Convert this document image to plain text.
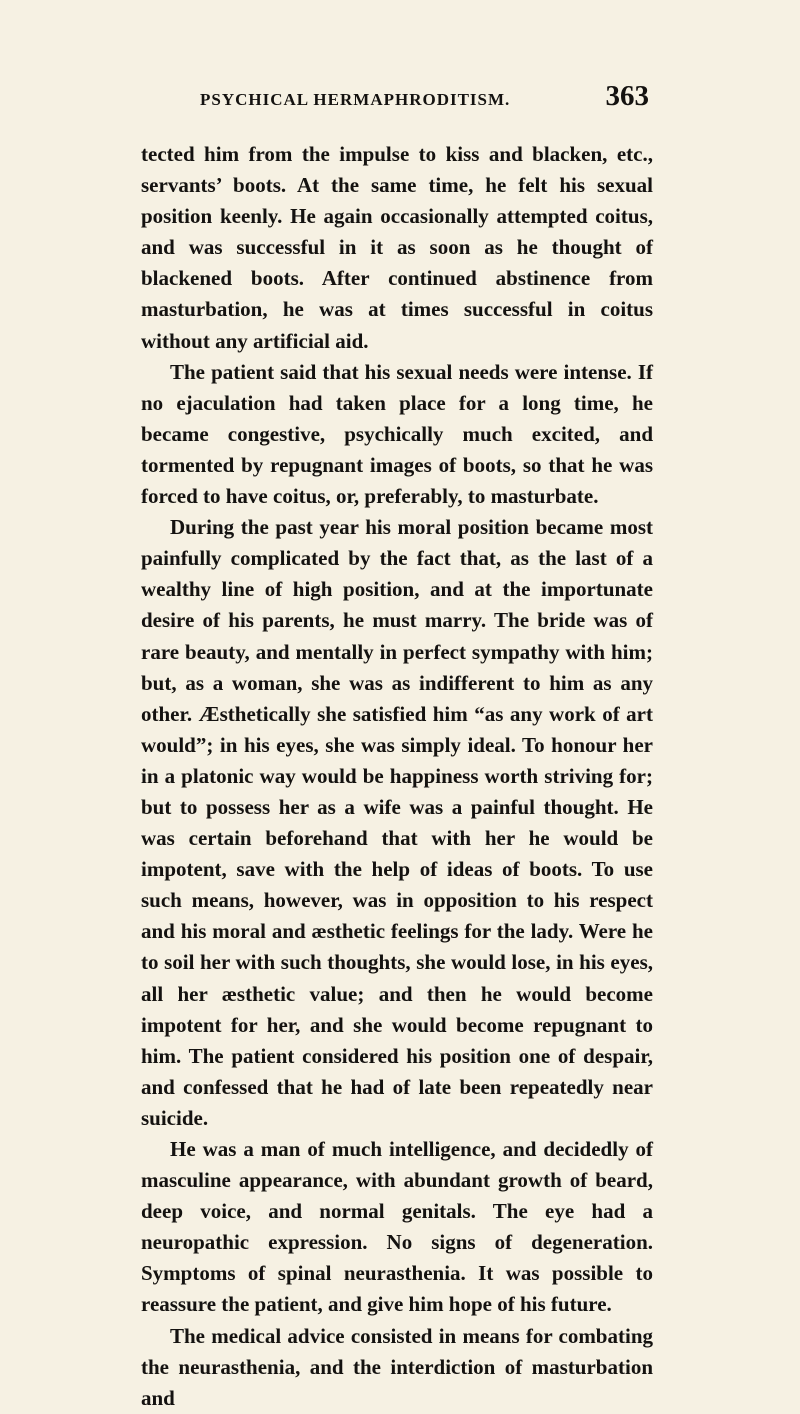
PSYCHICAL HERMAPHRODITISM.	363

tected him from the impulse to kiss and blacken, etc., servants’ boots. At the same time, he felt his sexual position keenly. He again occasionally attempted coitus, and was successful in it as soon as he thought of blackened boots. After continued abstinence from masturbation, he was at times successful in coitus without any artificial aid.

The patient said that his sexual needs were intense. If no ejaculation had taken place for a long time, he became congestive, psychically much excited, and tormented by repugnant images of boots, so that he was forced to have coitus, or, preferably, to masturbate.

During the past year his moral position became most painfully complicated by the fact that, as the last of a wealthy line of high position, and at the importunate desire of his parents, he must marry. The bride was of rare beauty, and mentally in perfect sympathy with him; but, as a woman, she was as indifferent to him as any other. Æsthetically she satisfied him “as any work of art would”; in his eyes, she was simply ideal. To honour her in a platonic way would be happiness worth striving for; but to possess her as a wife was a painful thought. He was certain beforehand that with her he would be impotent, save with the help of ideas of boots. To use such means, however, was in opposition to his respect and his moral and æsthetic feelings for the lady. Were he to soil her with such thoughts, she would lose, in his eyes, all her æsthetic value; and then he would become impotent for her, and she would become repugnant to him. The patient considered his position one of despair, and confessed that he had of late been repeatedly near suicide.

He was a man of much intelligence, and decidedly of masculine appearance, with abundant growth of beard, deep voice, and normal genitals. The eye had a neuropathic expression. No signs of degeneration. Symptoms of spinal neurasthenia. It was possible to reassure the patient, and give him hope of his future.

The medical advice consisted in means for combating the neurasthenia, and the interdiction of masturbation and
